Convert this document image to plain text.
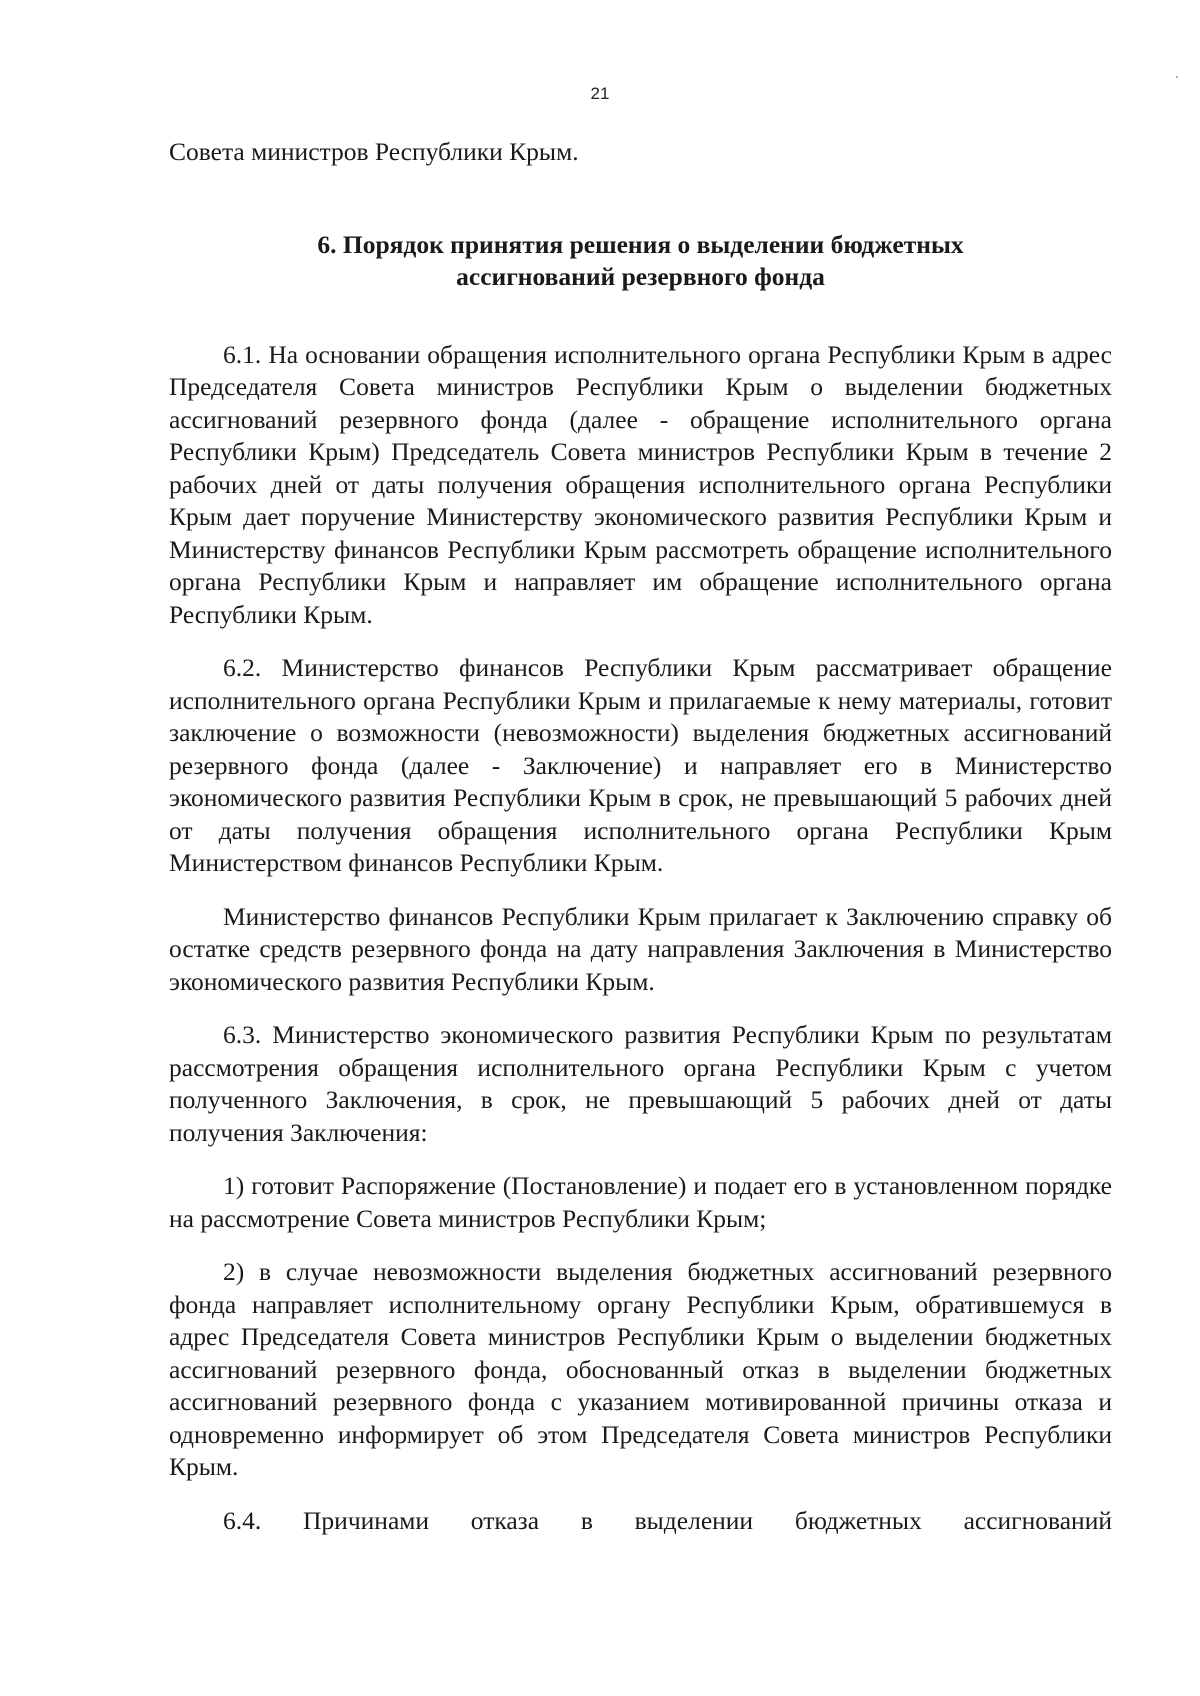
21

Совета министров Республики Крым.

6. Порядок принятия решения о выделении бюджетных
ассигнований резервного фонда

6.1. На основании обращения исполнительного органа Республики Крым в адрес Председателя Совета министров Республики Крым о выделении бюджетных ассигнований резервного фонда (далее - обращение исполнительного органа Республики Крым) Председатель Совета министров Республики Крым в течение 2 рабочих дней от даты получения обращения исполнительного органа Республики Крым дает поручение Министерству экономического развития Республики Крым и Министерству финансов Республики Крым рассмотреть обращение исполнительного органа Республики Крым и направляет им обращение исполнительного органа Республики Крым.

6.2. Министерство финансов Республики Крым рассматривает обращение исполнительного органа Республики Крым и прилагаемые к нему материалы, готовит заключение о возможности (невозможности) выделения бюджетных ассигнований резервного фонда (далее - Заключение) и направляет его в Министерство экономического развития Республики Крым в срок, не превышающий 5 рабочих дней от даты получения обращения исполнительного органа Республики Крым Министерством финансов Республики Крым.

Министерство финансов Республики Крым прилагает к Заключению справку об остатке средств резервного фонда на дату направления Заключения в Министерство экономического развития Республики Крым.

6.3. Министерство экономического развития Республики Крым по результатам рассмотрения обращения исполнительного органа Республики Крым с учетом полученного Заключения, в срок, не превышающий 5 рабочих дней от даты получения Заключения:

1) готовит Распоряжение (Постановление) и подает его в установленном порядке на рассмотрение Совета министров Республики Крым;

2) в случае невозможности выделения бюджетных ассигнований резервного фонда направляет исполнительному органу Республики Крым, обратившемуся в адрес Председателя Совета министров Республики Крым о выделении бюджетных ассигнований резервного фонда, обоснованный отказ в выделении бюджетных ассигнований резервного фонда с указанием мотивированной причины отказа и одновременно информирует об этом Председателя Совета министров Республики Крым.

6.4. Причинами отказа в выделении бюджетных ассигнований
